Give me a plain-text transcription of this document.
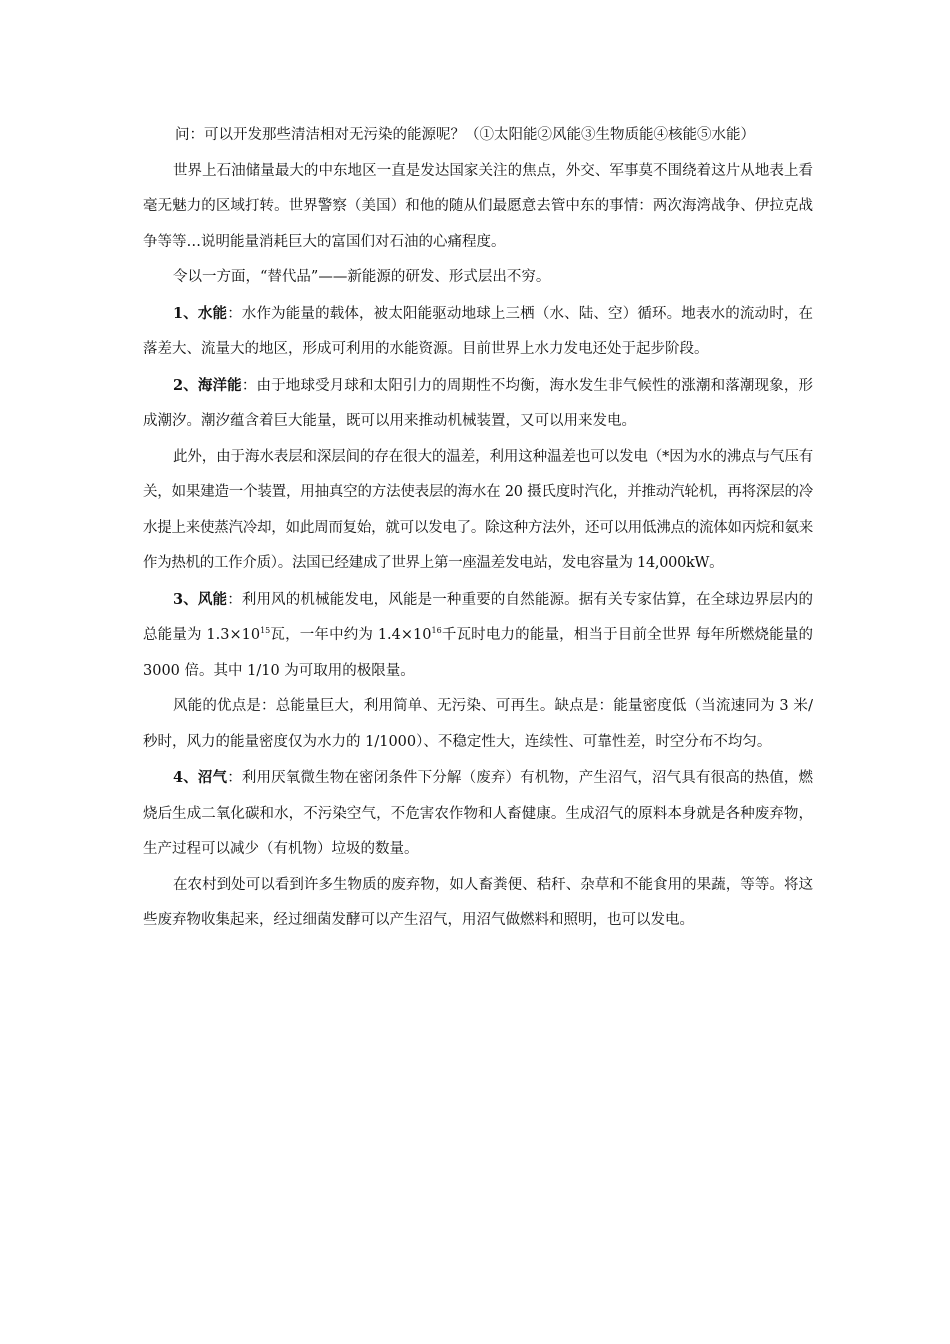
问：可以开发那些清洁相对无污染的能源呢？（①太阳能②风能③生物质能④核能⑤水能）

世界上石油储量最大的中东地区一直是发达国家关注的焦点，外交、军事莫不围绕着这片从地表上看毫无魅力的区域打转。世界警察（美国）和他的随从们最愿意去管中东的事情：两次海湾战争、伊拉克战争等等…说明能量消耗巨大的富国们对石油的心痛程度。

令以一方面，“替代品”——新能源的研发、形式层出不穷。

1、水能：水作为能量的载体，被太阳能驱动地球上三栖（水、陆、空）循环。地表水的流动时，在落差大、流量大的地区，形成可利用的水能资源。目前世界上水力发电还处于起步阶段。

2、海洋能：由于地球受月球和太阳引力的周期性不均衡，海水发生非气候性的涨潮和落潮现象，形成潮汐。潮汐蕴含着巨大能量，既可以用来推动机械装置，又可以用来发电。

此外，由于海水表层和深层间的存在很大的温差，利用这种温差也可以发电（*因为水的沸点与气压有关，如果建造一个装置，用抽真空的方法使表层的海水在 20 摄氏度时汽化，并推动汽轮机，再将深层的冷水提上来使蒸汽冷却，如此周而复始，就可以发电了。除这种方法外，还可以用低沸点的流体如丙烷和氨来作为热机的工作介质）。法国已经建成了世界上第一座温差发电站，发电容量为 14,000kW。

3、风能：利用风的机械能发电，风能是一种重要的自然能源。据有关专家估算，在全球边界层内的总能量为 $1.3\times 10^{15}$瓦，一年中约为 $1.4\times 10^{16}$千瓦时电力的能量，相当于目前全世界 每年所燃烧能量的 3000 倍。其中 1/10 为可取用的极限量。

风能的优点是：总能量巨大，利用简单、无污染、可再生。缺点是：能量密度低（当流速同为 3 米/秒时，风力的能量密度仅为水力的 1/1000）、不稳定性大，连续性、可靠性差，时空分布不均匀。

4、沼气：利用厌氧微生物在密闭条件下分解（废弃）有机物，产生沼气，沼气具有很高的热值，燃烧后生成二氧化碳和水，不污染空气，不危害农作物和人畜健康。生成沼气的原料本身就是各种废弃物，生产过程可以减少（有机物）垃圾的数量。

在农村到处可以看到许多生物质的废弃物，如人畜粪便、秸秆、杂草和不能食用的果蔬，等等。将这些废弃物收集起来，经过细菌发酵可以产生沼气，用沼气做燃料和照明，也可以发电。
